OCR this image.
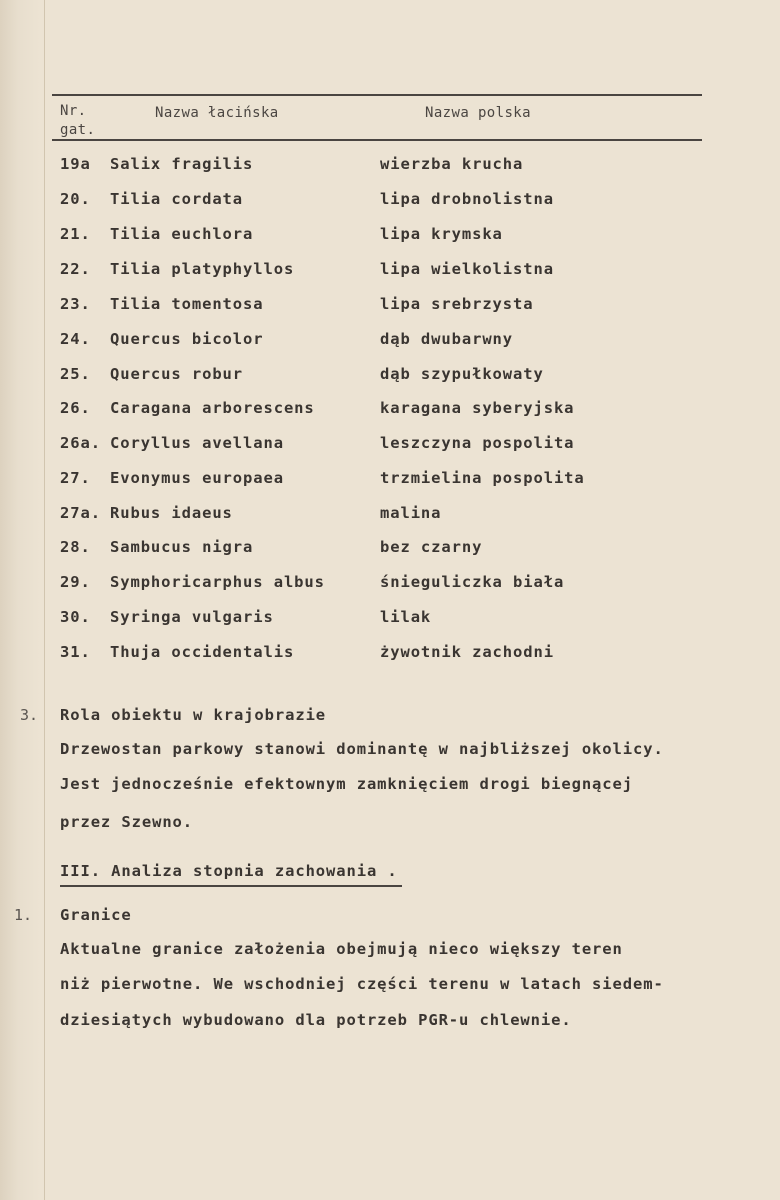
Nr.
gat.
Nazwa łacińska	Nazwa polska
19a Salix fragilis	wierzba krucha
20. Tilia cordata	lipa drobnolistna
21. Tilia euchlora	lipa krymska
22. Tilia platyphyllos	lipa wielkolistna
23. Tilia tomentosa	lipa srebrzysta
24. Quercus bicolor	dąb dwubarwny
25. Quercus robur	dąb szypułkowaty
26. Caragana arborescens	karagana syberyjska
26a. Coryllus avellana	leszczyna pospolita
27. Evonymus europaea	trzmielina pospolita
27a. Rubus idaeus	malina
28. Sambucus nigra	bez czarny
29. Symphoricarphus albus	śnieguliczka biała
30. Syringa vulgaris	lilak
31. Thuja occidentalis	żywotnik zachodni
3. Rola obiektu w krajobrazie
Drzewostan parkowy stanowi dominantę w najbliższej okolicy.
Jest jednocześnie efektownym zamknięciem drogi biegnącej
przez Szewno.
III. Analiza stopnia zachowania .
1. Granice
Aktualne granice założenia obejmują nieco większy teren
niż pierwotne. We wschodniej części terenu w latach siedem-
dziesiątych wybudowano dla potrzeb PGR-u chlewnie.
